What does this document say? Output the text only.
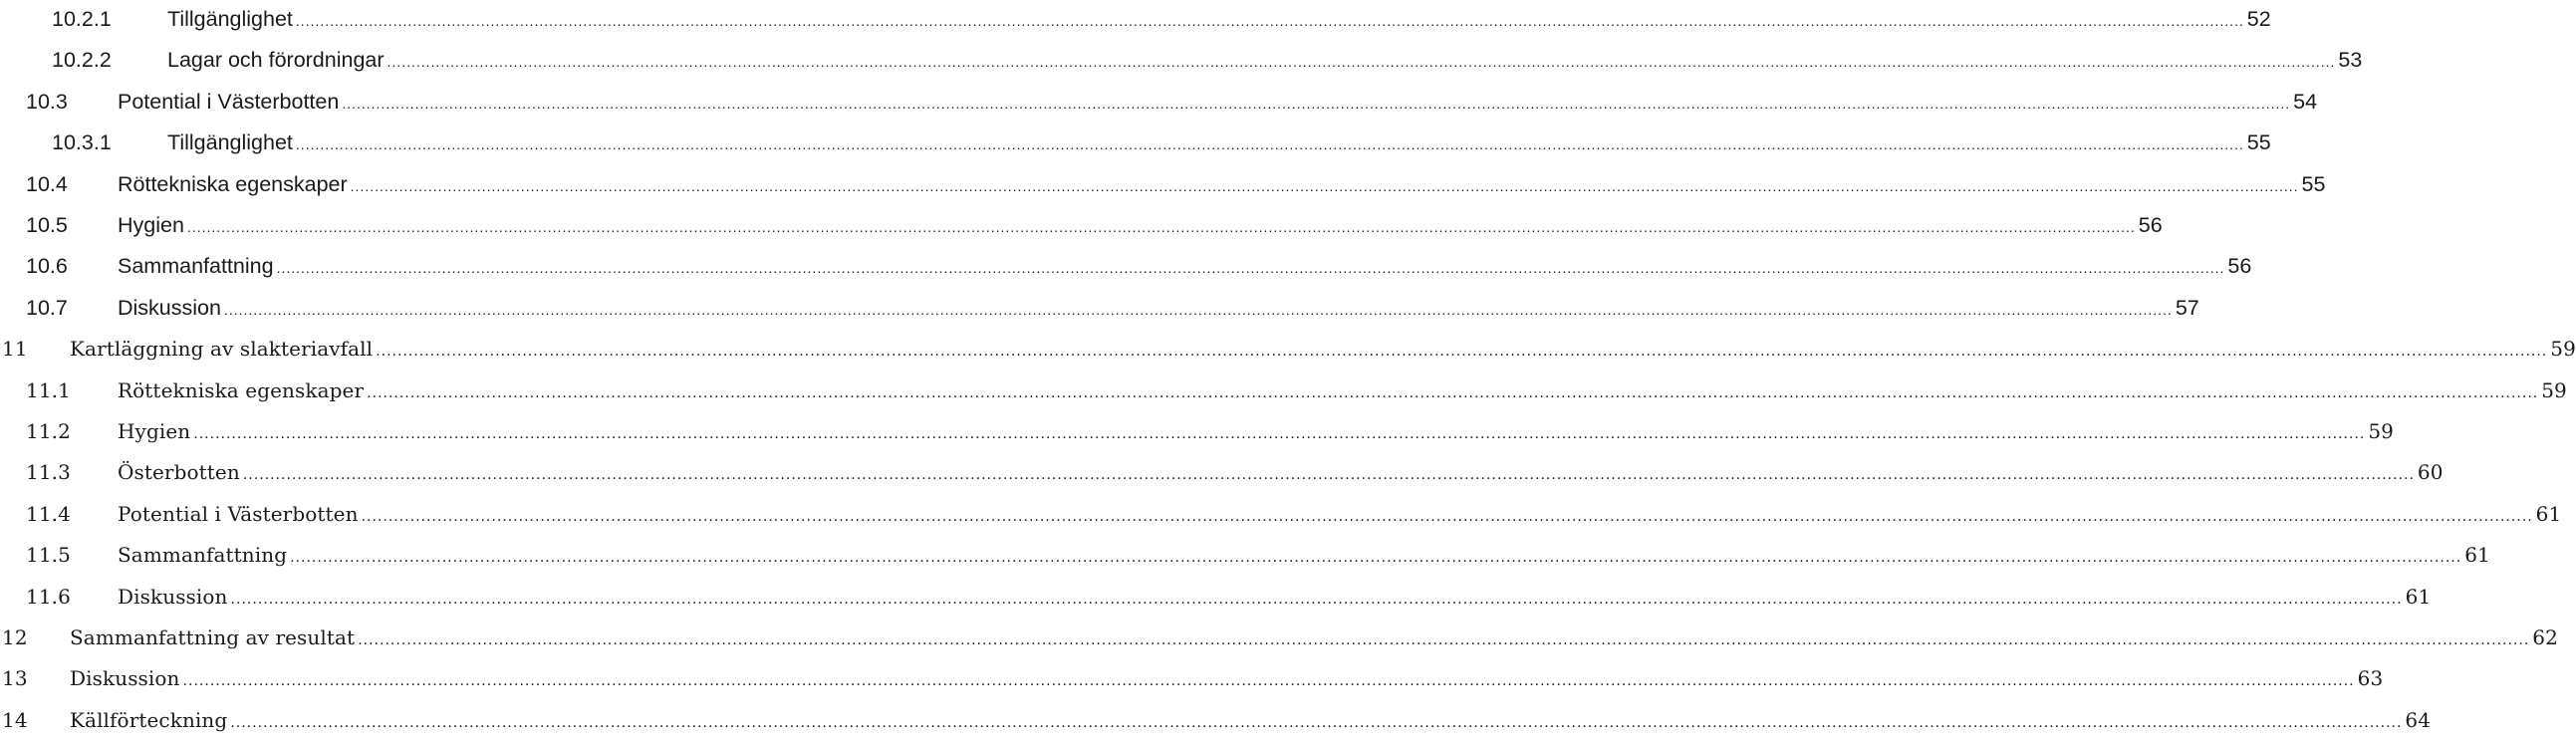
10.2.1	Tillgänglighet ................................................................................................................................................................................................................................................................................................................................................................................................................ 52
10.2.2	Lagar och förordningar ................................................................................................................................................................................................................................................................................................................................................................................................................ 53
10.3 Potential i Västerbotten ................................................................................................................................................................................................................................................................................................................................................................................................................ 54
10.3.1	Tillgänglighet ................................................................................................................................................................................................................................................................................................................................................................................................................ 55
10.4 Röttekniska egenskaper ................................................................................................................................................................................................................................................................................................................................................................................................................ 55
10.5 Hygien ................................................................................................................................................................................................................................................................................................................................................................................................................ 56
10.6 Sammanfattning ................................................................................................................................................................................................................................................................................................................................................................................................................ 56
10.7 Diskussion ................................................................................................................................................................................................................................................................................................................................................................................................................ 57
11 Kartläggning av slakteriavfall ................................................................................................................................................................................................................................................................................................................................................................................................................ 59
11.1 Röttekniska egenskaper ................................................................................................................................................................................................................................................................................................................................................................................................................ 59
11.2 Hygien ................................................................................................................................................................................................................................................................................................................................................................................................................ 59
11.3 Österbotten ................................................................................................................................................................................................................................................................................................................................................................................................................ 60
11.4 Potential i Västerbotten ................................................................................................................................................................................................................................................................................................................................................................................................................ 61
11.5 Sammanfattning ................................................................................................................................................................................................................................................................................................................................................................................................................ 61
11.6 Diskussion ................................................................................................................................................................................................................................................................................................................................................................................................................ 61
12 Sammanfattning av resultat ................................................................................................................................................................................................................................................................................................................................................................................................................ 62
13 Diskussion ................................................................................................................................................................................................................................................................................................................................................................................................................ 63
14 Källförteckning ................................................................................................................................................................................................................................................................................................................................................................................................................ 64
